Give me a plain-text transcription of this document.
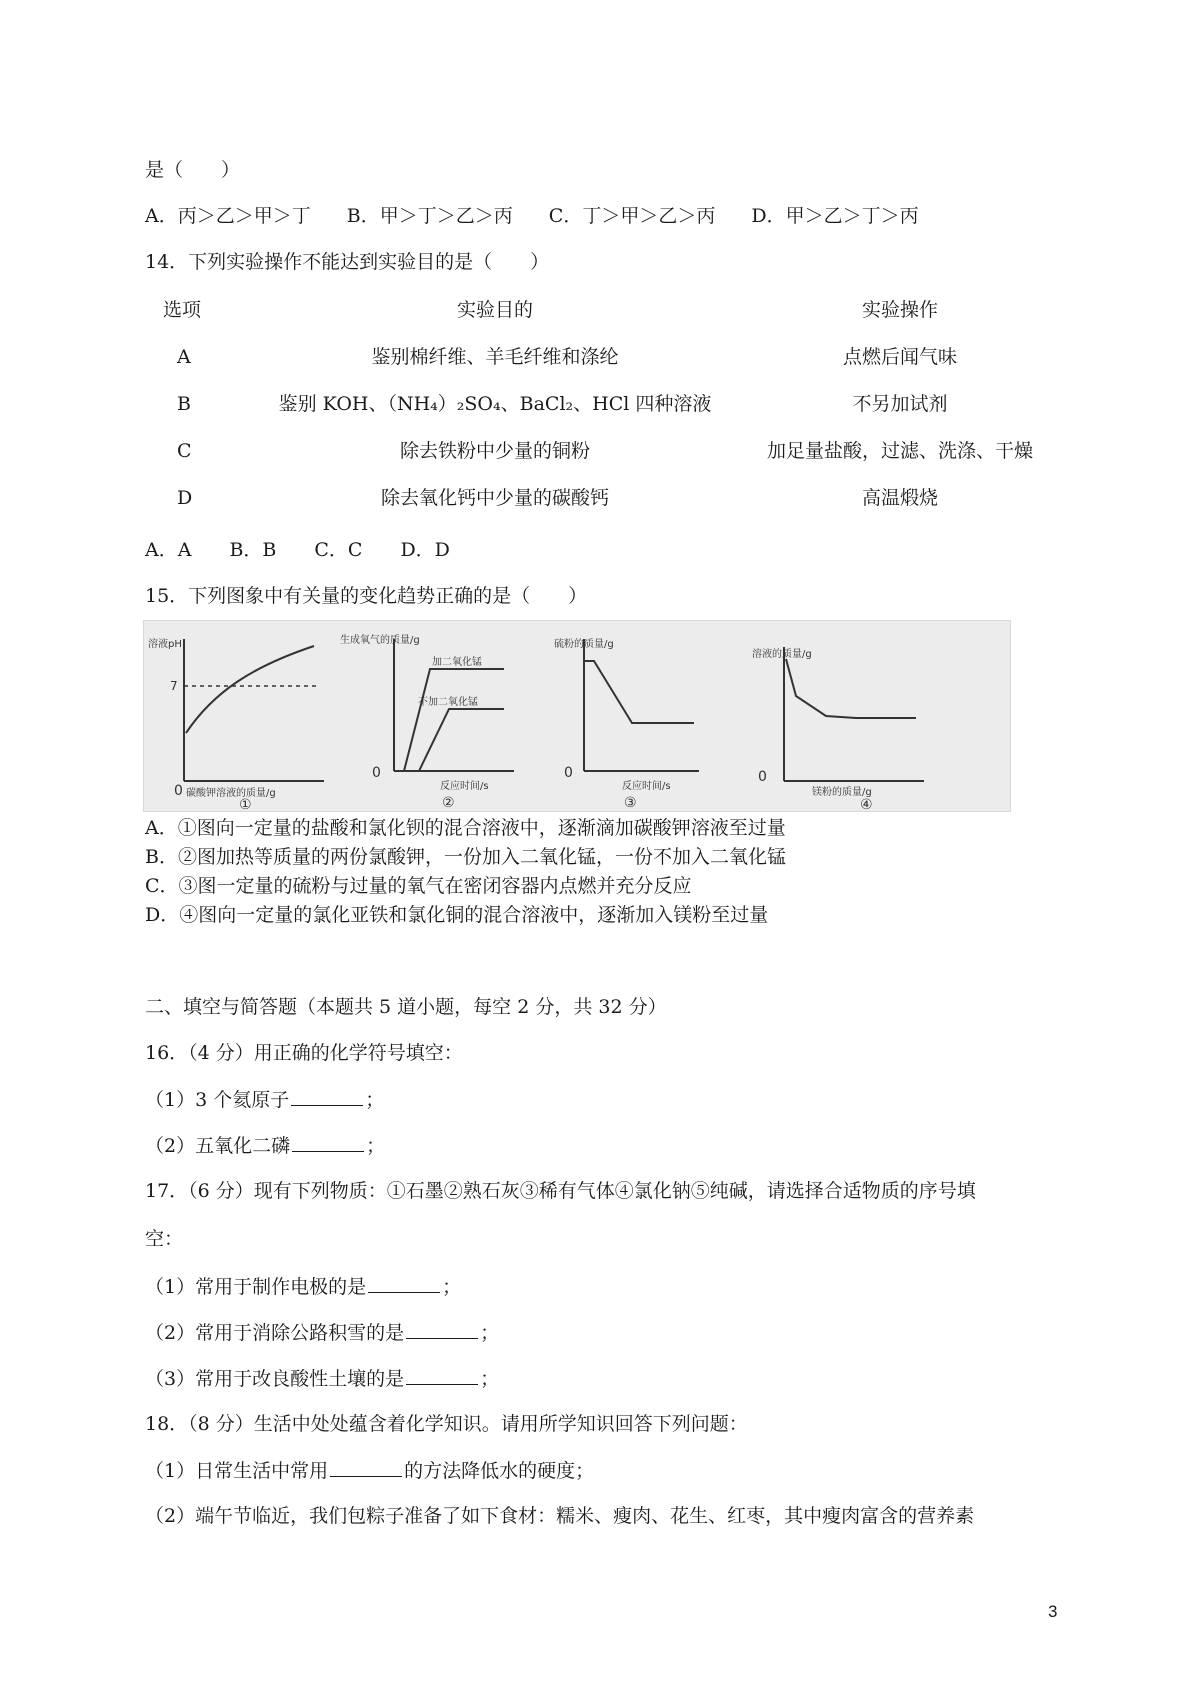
是（　　）
A．丙＞乙＞甲＞丁 B．甲＞丁＞乙＞丙 C．丁＞甲＞乙＞丙 D．甲＞乙＞丁＞丙
14．下列实验操作不能达到实验目的是（　　）
选项	实验目的	实验操作
A	鉴别棉纤维、羊毛纤维和涤纶	点燃后闻气味
B	鉴别 KOH、（NH₄）₂SO₄、BaCl₂、HCl 四种溶液	不另加试剂
C	除去铁粉中少量的铜粉	加足量盐酸，过滤、洗涤、干燥
D	除去氧化钙中少量的碳酸钙	高温煅烧
A．A　　B．B　　C．C　　D．D
15．下列图象中有关量的变化趋势正确的是（　　）
溶液pH
7
0 碳酸钾溶液的质量/g
①
生成氧气的质量/g
加二氧化锰
不加二氧化锰
0
反应时间/s
②
硫粉的质量/g
0
反应时间/s
③
溶液的质量/g
0
镁粉的质量/g
④
A．①图向一定量的盐酸和氯化钡的混合溶液中，逐渐滴加碳酸钾溶液至过量
B．②图加热等质量的两份氯酸钾，一份加入二氧化锰，一份不加入二氧化锰
C．③图一定量的硫粉与过量的氧气在密闭容器内点燃并充分反应
D．④图向一定量的氯化亚铁和氯化铜的混合溶液中，逐渐加入镁粉至过量
二、填空与简答题（本题共 5 道小题，每空 2 分，共 32 分）
16．（4 分）用正确的化学符号填空：
（1）3 个氦原子	；
（2）五氧化二磷	；
17．（6 分）现有下列物质：①石墨②熟石灰③稀有气体④氯化钠⑤纯碱，请选择合适物质的序号填
空：
（1）常用于制作电极的是	；
（2）常用于消除公路积雪的是	；
（3）常用于改良酸性土壤的是	；
18．（8 分）生活中处处蕴含着化学知识。请用所学知识回答下列问题：
（1）日常生活中常用	的方法降低水的硬度；
（2）端午节临近，我们包粽子准备了如下食材：糯米、瘦肉、花生、红枣，其中瘦肉富含的营养素
3
